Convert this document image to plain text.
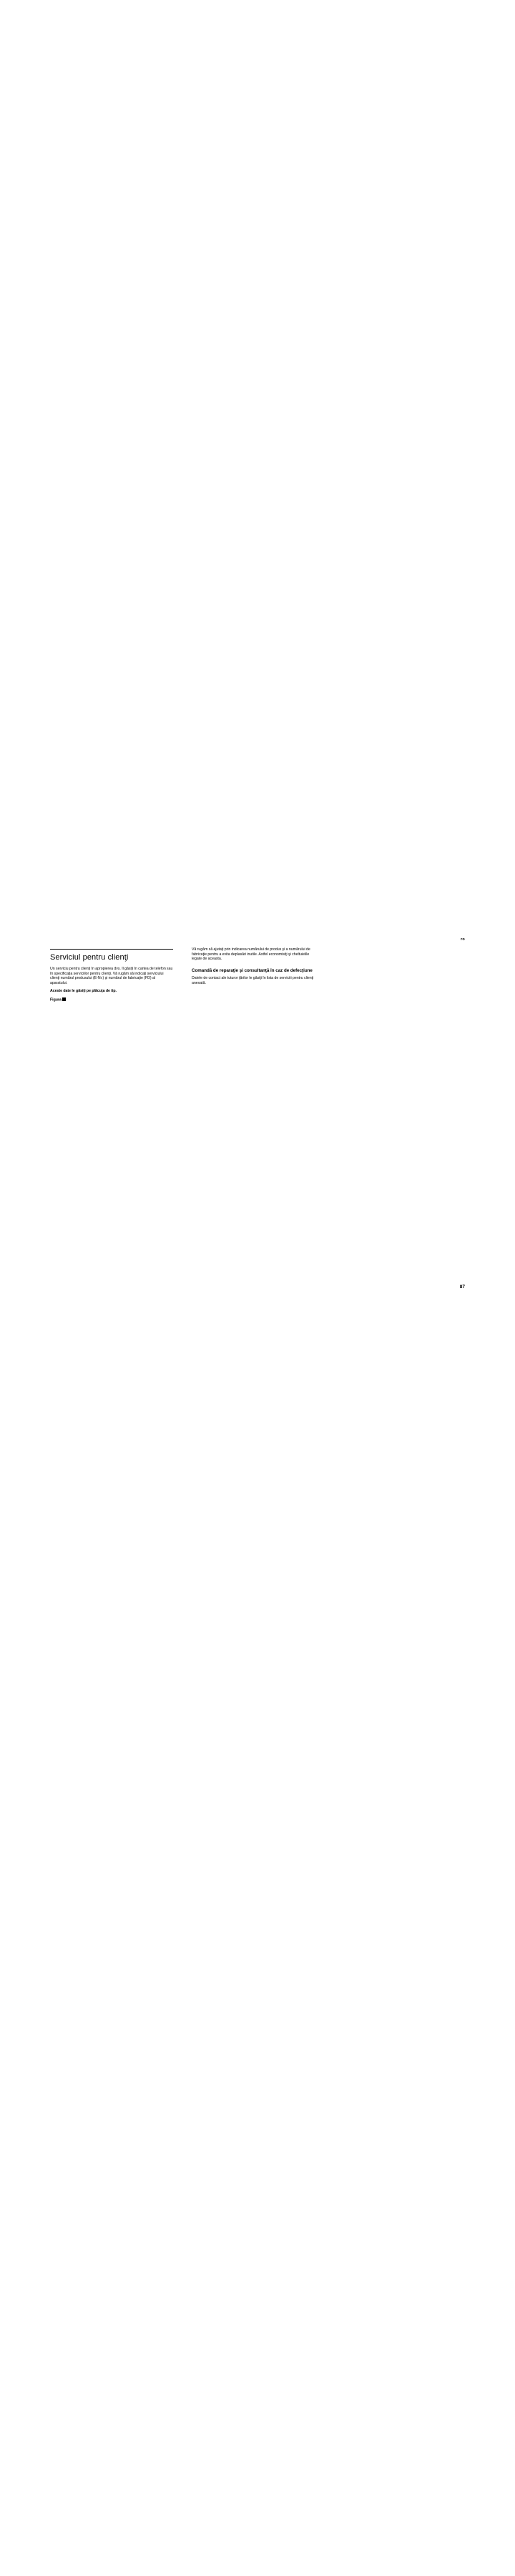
ro
Serviciul pentru clienţi

Un serviciu pentru clienţi în apropierea dvs. îl găsiţi în cartea de telefon sau în specificaţia serviciilor pentru clienţi. Vă rugăm să indicaţi serviciului clienţi numărul produsului (E-Nr.) şi numărul de fabricaţie (FD) al aparatului.

Aceste date le găsiţi pe plăcuţa de tip.

Figura

Vă rugăm să ajutaţi prin indicarea numărului de produs şi a numărului de fabricaţie pentru a evita deplasări inutile. Astfel economisiţi şi cheltuielile legate de aceasta.

Comandă de reparaţie şi consultanţă în caz de defecţiune

Datele de contact ale tuturor ţărilor le găsiţi în lista de serviciii pentru clienţi anexată.

87
